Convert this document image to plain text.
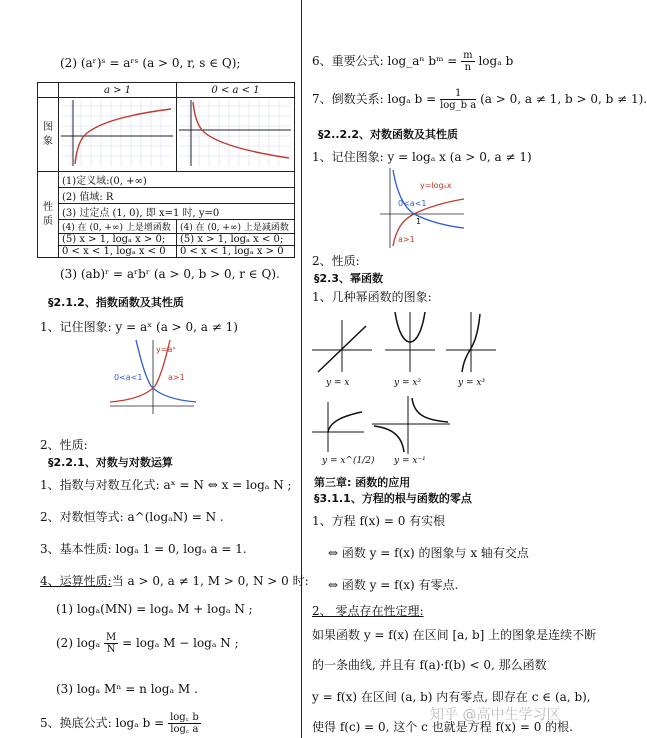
(2) (aʳ)ˢ = aʳˢ (a > 0, r, s ∈ Q);
	a > 1	0 < a < 1
图象		
性质	(1)定义域:(0, +∞)	
	(2) 值域: R	
	(3) 过定点 (1, 0), 即 x=1 时, y=0	
	(4) 在 (0, +∞) 上是增函数	(4) 在 (0, +∞) 上是减函数
	(5) x > 1, logₐ x > 0;	(5) x > 1, logₐ x < 0;
	0 < x < 1, logₐ x < 0	0 < x < 1, logₐ x > 0
(3) (ab)ʳ = aʳbʳ (a > 0, b > 0, r ∈ Q).
§2.1.2、指数函数及其性质
1、记住图象: y = aˣ (a > 0, a ≠ 1)
y=aˣ
0<a<1	a>1
2、性质:
§2.2.1、对数与对数运算
1、指数与对数互化式: aˣ = N ⇔ x = logₐ N ;
2、对数恒等式: a^(logₐN) = N .
3、基本性质: logₐ 1 = 0, logₐ a = 1.
4、运算性质:当 a > 0, a ≠ 1, M > 0, N > 0 时:
(1) logₐ(MN) = logₐ M + logₐ N ;
(2) logₐ $\frac{M}{N} = \log_a$ M − logₐ N ;
(3) logₐ Mⁿ = n logₐ M .
5、换底公式: logₐ $b = \frac{\log꜀ b}{\log꜀ a}$
6、重要公式: log_aⁿ bᵐ = $\frac{m}{n}$ logₐ b
7、倒数关系: logₐ $b = \frac{1}{\text{log\_b a}} (a > 0$, a ≠ 1, b > 0, b ≠ 1).
§2..2.2、对数函数及其性质
1、记住图象: y = logₐ x (a > 0, a ≠ 1)
y=logₐx
0<a<1
a>1
1
2、性质:
§2.3、幂函数
1、几种幂函数的图象:
y = x	y = x²	y = x³
y = x^(1/2) y = x⁻¹
第三章: 函数的应用
§3.1.1、方程的根与函数的零点
1、方程 f(x) = 0 有实根
⇔ 函数 y = f(x) 的图象与 x 轴有交点
⇔ 函数 y = f(x) 有零点.
2、 零点存在性定理:
如果函数 y = f(x) 在区间 [a, b] 上的图象是连续不断
的一条曲线, 并且有 f(a)·f(b) < 0, 那么函数
y = f(x) 在区间 (a, b) 内有零点, 即存在 c ∈ (a, b),
使得 f(c) = 0, 这个 c 也就是方程 f(x) = 0 的根.
知乎 @高中生学习区
